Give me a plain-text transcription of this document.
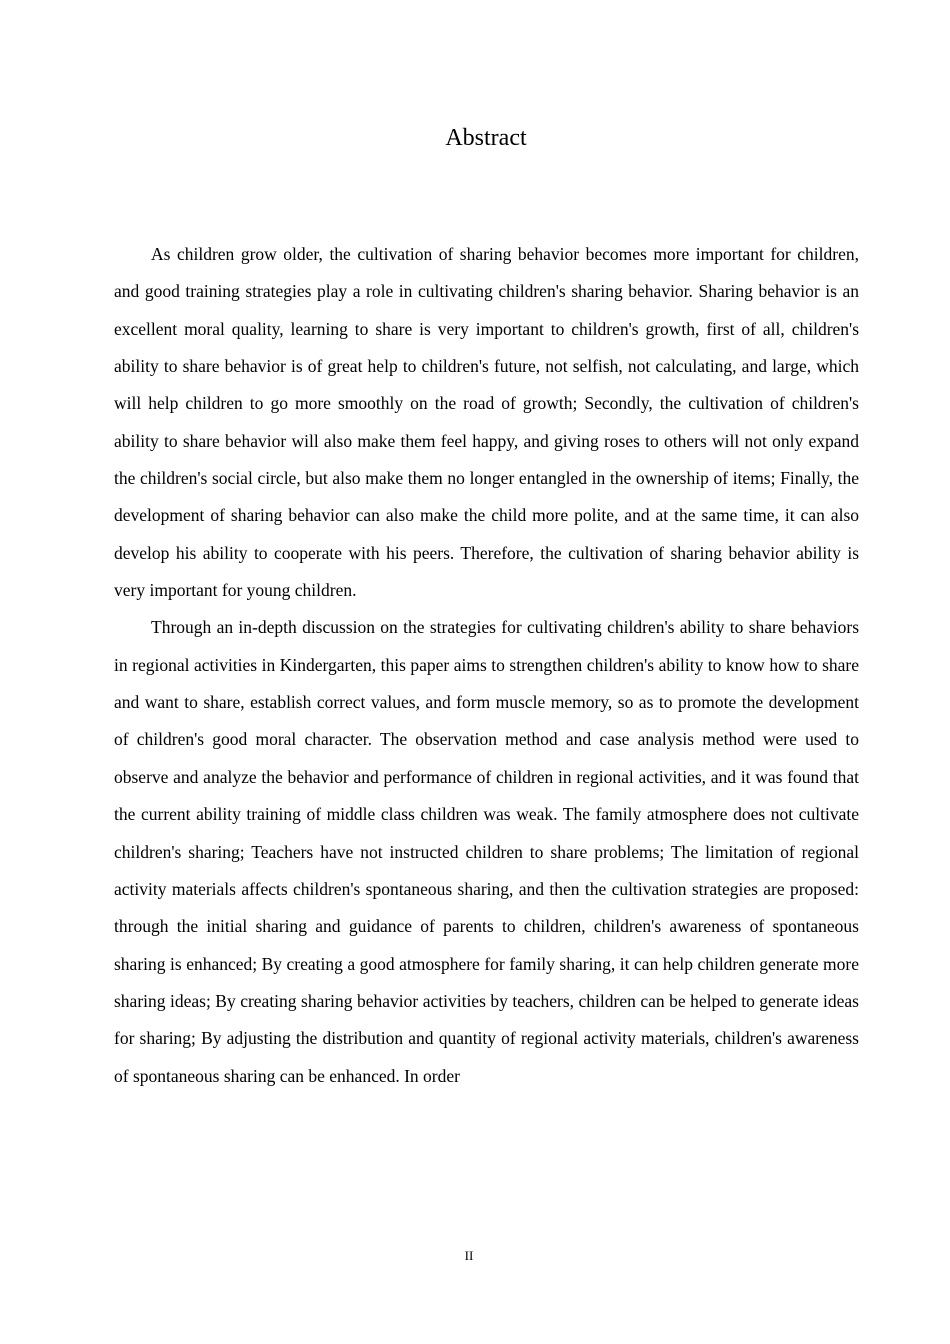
Abstract

As children grow older, the cultivation of sharing behavior becomes more important for children, and good training strategies play a role in cultivating children's sharing behavior. Sharing behavior is an excellent moral quality, learning to share is very important to children's growth, first of all, children's ability to share behavior is of great help to children's future, not selfish, not calculating, and large, which will help children to go more smoothly on the road of growth; Secondly, the cultivation of children's ability to share behavior will also make them feel happy, and giving roses to others will not only expand the children's social circle, but also make them no longer entangled in the ownership of items; Finally, the development of sharing behavior can also make the child more polite, and at the same time, it can also develop his ability to cooperate with his peers. Therefore, the cultivation of sharing behavior ability is very important for young children.

Through an in-depth discussion on the strategies for cultivating children's ability to share behaviors in regional activities in Kindergarten, this paper aims to strengthen children's ability to know how to share and want to share, establish correct values, and form muscle memory, so as to promote the development of children's good moral character. The observation method and case analysis method were used to observe and analyze the behavior and performance of children in regional activities, and it was found that the current ability training of middle class children was weak. The family atmosphere does not cultivate children's sharing; Teachers have not instructed children to share problems; The limitation of regional activity materials affects children's spontaneous sharing, and then the cultivation strategies are proposed: through the initial sharing and guidance of parents to children, children's awareness of spontaneous sharing is enhanced; By creating a good atmosphere for family sharing, it can help children generate more sharing ideas; By creating sharing behavior activities by teachers, children can be helped to generate ideas for sharing; By adjusting the distribution and quantity of regional activity materials, children's awareness of spontaneous sharing can be enhanced. In order

II
